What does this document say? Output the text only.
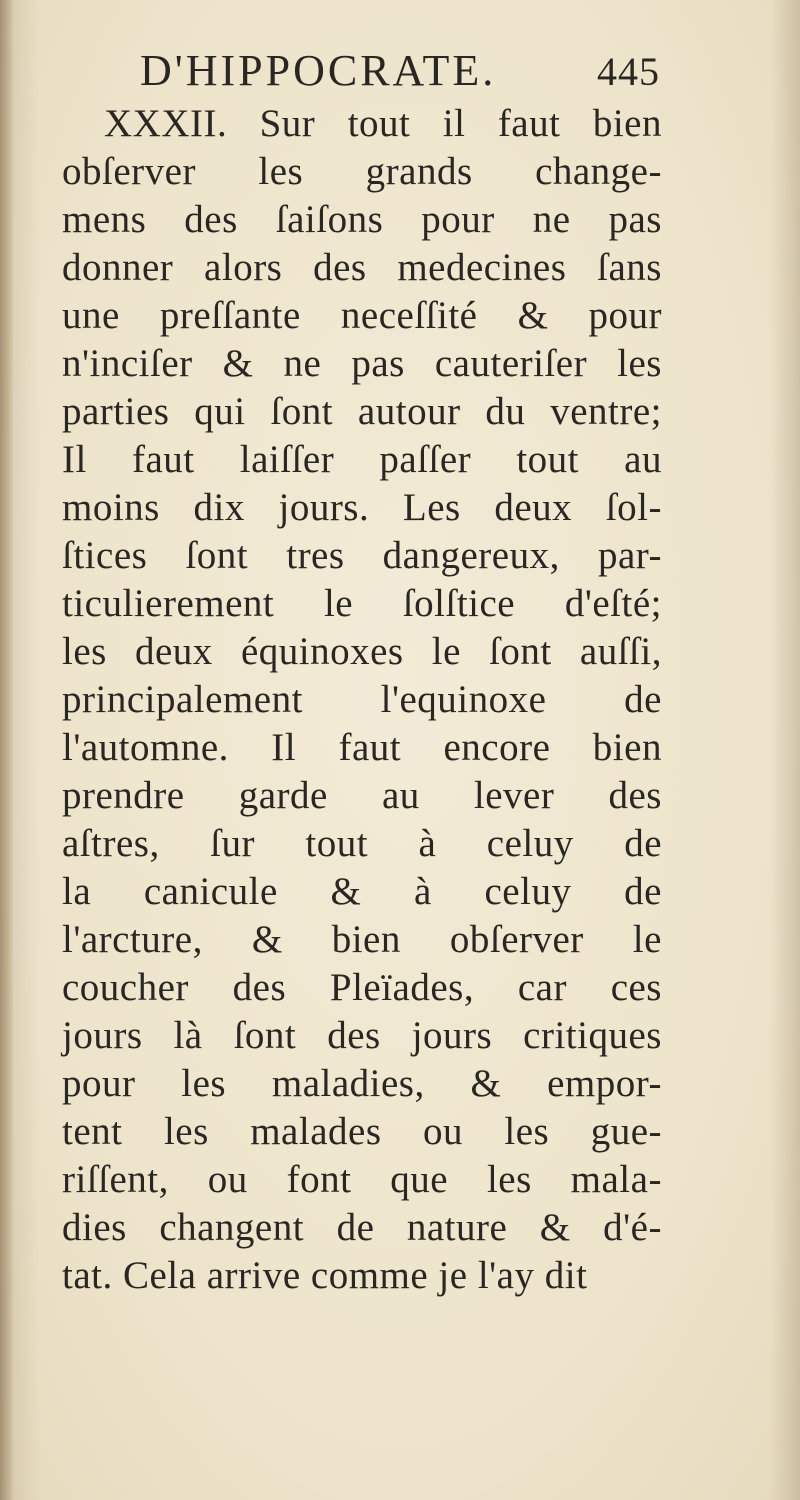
D'HIPPOCRATE.	445
XXXII. Sur tout il faut bien
obſerver les grands change-
mens des ſaiſons pour ne pas
donner alors des medecines ſans
une preſſante neceſſité & pour
n'inciſer & ne pas cauteriſer les
parties qui ſont autour du ventre;
Il faut laiſſer paſſer tout au
moins dix jours. Les deux ſol-
ſtices ſont tres dangereux, par-
ticulierement le ſolſtice d'eſté;
les deux équinoxes le ſont auſſi,
principalement l'equinoxe de
l'automne. Il faut encore bien
prendre garde au lever des
aſtres, ſur tout à celuy de
la canicule & à celuy de
l'arcture, & bien obſerver le
coucher des Pleïades, car ces
jours là ſont des jours critiques
pour les maladies, & empor-
tent les malades ou les gue-
riſſent, ou font que les mala-
dies changent de nature & d'é-
tat. Cela arrive comme je l'ay dit
